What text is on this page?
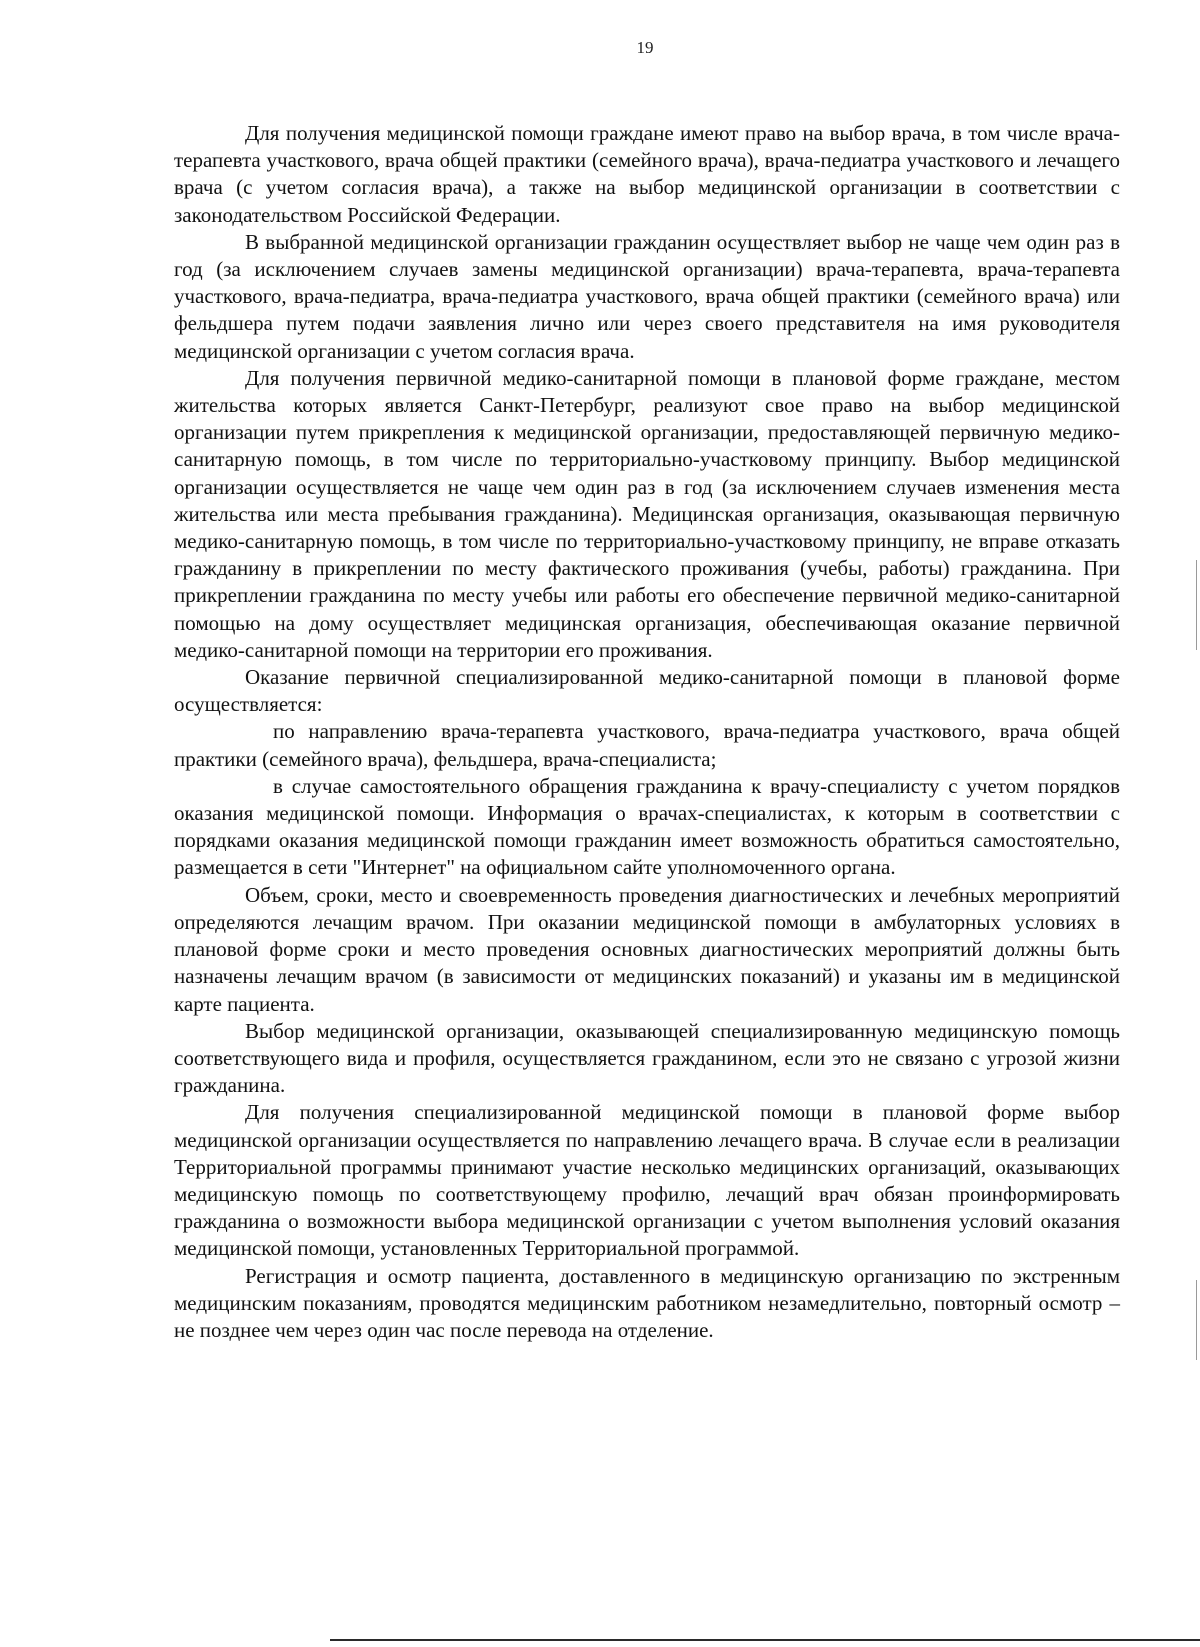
19

Для получения медицинской помощи граждане имеют право на выбор врача, в том числе врача-терапевта участкового, врача общей практики (семейного врача), врача-педиатра участкового и лечащего врача (с учетом согласия врача), а также на выбор медицинской организации в соответствии с законодательством Российской Федерации.

В выбранной медицинской организации гражданин осуществляет выбор не чаще чем один раз в год (за исключением случаев замены медицинской организации) врача-терапевта, врача-терапевта участкового, врача-педиатра, врача-педиатра участкового, врача общей практики (семейного врача) или фельдшера путем подачи заявления лично или через своего представителя на имя руководителя медицинской организации с учетом согласия врача.

Для получения первичной медико-санитарной помощи в плановой форме граждане, местом жительства которых является Санкт-Петербург, реализуют свое право на выбор медицинской организации путем прикрепления к медицинской организации, предоставляющей первичную медико-санитарную помощь, в том числе по территориально-участковому принципу. Выбор медицинской организации осуществляется не чаще чем один раз в год (за исключением случаев изменения места жительства или места пребывания гражданина). Медицинская организация, оказывающая первичную медико-санитарную помощь, в том числе по территориально-участковому принципу, не вправе отказать гражданину в прикреплении по месту фактического проживания (учебы, работы) гражданина. При прикреплении гражданина по месту учебы или работы его обеспечение первичной медико-санитарной помощью на дому осуществляет медицинская организация, обеспечивающая оказание первичной медико-санитарной помощи на территории его проживания.

Оказание первичной специализированной медико-санитарной помощи в плановой форме осуществляется:

по направлению врача-терапевта участкового, врача-педиатра участкового, врача общей практики (семейного врача), фельдшера, врача-специалиста;

в случае самостоятельного обращения гражданина к врачу-специалисту с учетом порядков оказания медицинской помощи. Информация о врачах-специалистах, к которым в соответствии с порядками оказания медицинской помощи гражданин имеет возможность обратиться самостоятельно, размещается в сети "Интернет" на официальном сайте уполномоченного органа.

Объем, сроки, место и своевременность проведения диагностических и лечебных мероприятий определяются лечащим врачом. При оказании медицинской помощи в амбулаторных условиях в плановой форме сроки и место проведения основных диагностических мероприятий должны быть назначены лечащим врачом (в зависимости от медицинских показаний) и указаны им в медицинской карте пациента.

Выбор медицинской организации, оказывающей специализированную медицинскую помощь соответствующего вида и профиля, осуществляется гражданином, если это не связано с угрозой жизни гражданина.

Для получения специализированной медицинской помощи в плановой форме выбор медицинской организации осуществляется по направлению лечащего врача. В случае если в реализации Территориальной программы принимают участие несколько медицинских организаций, оказывающих медицинскую помощь по соответствующему профилю, лечащий врач обязан проинформировать гражданина о возможности выбора медицинской организации с учетом выполнения условий оказания медицинской помощи, установленных Территориальной программой.

Регистрация и осмотр пациента, доставленного в медицинскую организацию по экстренным медицинским показаниям, проводятся медицинским работником незамедлительно, повторный осмотр – не позднее чем через один час после перевода на отделение.
